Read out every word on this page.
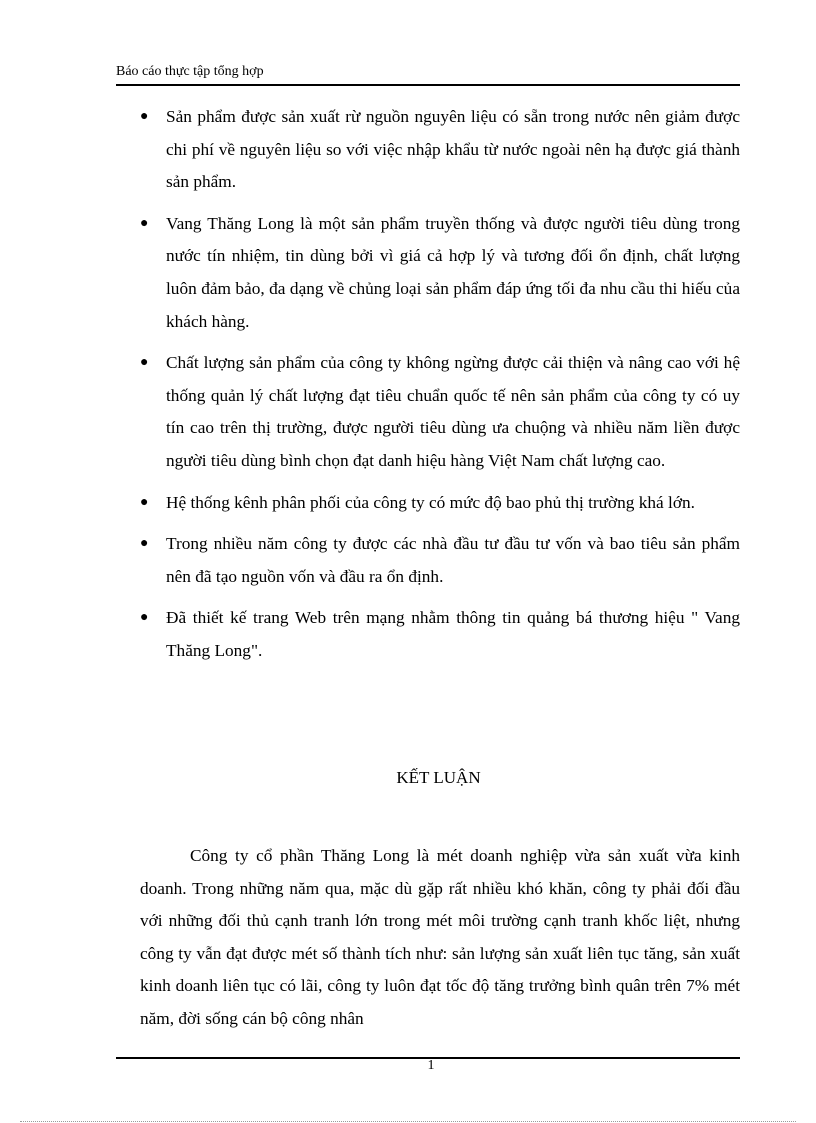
Báo cáo thực tập tổng hợp
● Sản phẩm được sản xuất rừ nguồn nguyên liệu có sẵn trong nước nên giảm được chi phí về nguyên liệu so với việc nhập khẩu từ nước ngoài nên hạ được giá thành sản phẩm.
● Vang Thăng Long là một sản phẩm truyền thống và được người tiêu dùng trong nước tín nhiệm, tin dùng bởi vì giá cả hợp lý và tương đối ổn định, chất lượng luôn đảm bảo, đa dạng về chủng loại sản phẩm đáp ứng tối đa nhu cầu thi hiếu của khách hàng.
● Chất lượng sản phẩm của công ty không ngừng được cải thiện và nâng cao với hệ thống quản lý chất lượng đạt tiêu chuẩn quốc tế nên sản phẩm của công ty có uy tín cao trên thị trường, được người tiêu dùng ưa chuộng và nhiều năm liền được người tiêu dùng bình chọn đạt danh hiệu hàng Việt Nam chất lượng cao.
● Hệ thống kênh phân phối của công ty có mức độ bao phủ thị trường khá lớn.
● Trong nhiều năm công ty được các nhà đầu tư đầu tư vốn và bao tiêu sản phẩm nên đã tạo nguồn vốn và đầu ra ổn định.
● Đã thiết kế trang Web trên mạng nhằm thông tin quảng bá thương hiệu " Vang Thăng Long".
KẾT LUẬN

Công ty cổ phần Thăng Long là mét doanh nghiệp vừa sản xuất vừa kinh doanh. Trong những năm qua, mặc dù gặp rất nhiều khó khăn, công ty phải đối đầu với những đối thủ cạnh tranh lớn trong mét môi trường cạnh tranh khốc liệt, nhưng công ty vẫn đạt được mét số thành tích như: sản lượng sản xuất liên tục tăng, sản xuất kinh doanh liên tục có lãi, công ty luôn đạt tốc độ tăng trưởng bình quân trên 7% mét năm, đời sống cán bộ công nhân

1
